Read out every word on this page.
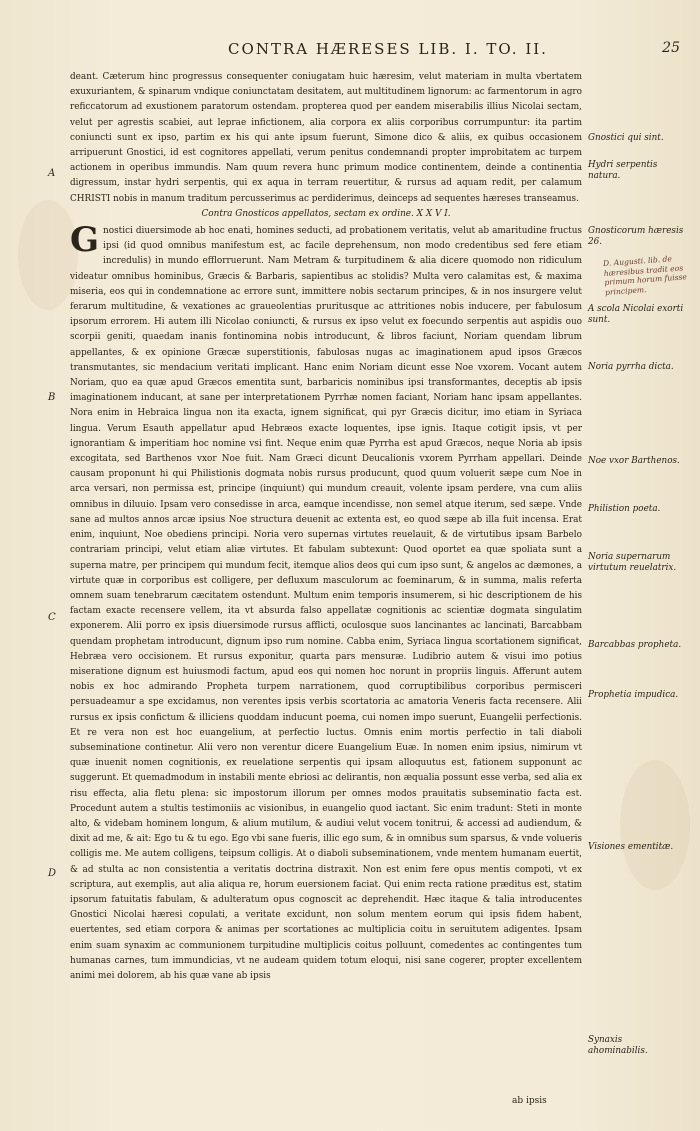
CONTRA HÆRESES LIB. I. TO. II.	25

deant. Cæterum hinc progressus consequenter coniugatam huic hæresim, velut materiam in multa vbertatem exuxuriantem, & spinarum vndique coniunctatam desitatem, aut multitudinem lignorum: ac farmentorum in agro reficcatorum ad exustionem paratorum ostendam. propterea quod per eandem miserabilis illius Nicolai sectam, velut per agrestis scabiei, aut leprae infictionem, alia corpora ex aliis corporibus corrumpuntur: ita partim coniuncti sunt ex ipso, partim ex his qui ante ipsum fuerunt, Simone dico & aliis, ex quibus occasionem arripuerunt Gnostici, id est cognitores appellati, verum penitus condemnandi propter improbitatem ac turpem actionem in operibus immundis. Nam quum revera hunc primum modice continentem, deinde a continentia digressum, instar hydri serpentis, qui ex aqua in terram reuertitur, & rursus ad aquam redit, per calamum CHRISTI nobis in manum traditum percusserimus ac perdiderimus, deinceps ad sequentes hæreses transeamus.

Contra Gnosticos appellatos, sectam ex ordine. X X V I.

Gnostici diuersimode ab hoc enati, homines seducti, ad probationem veritatis, velut ab amaritudine fructus ipsi (id quod omnibus manifestum est, ac facile deprehensum, non modo credentibus sed fere etiam incredulis) in mundo efflorruerunt. Nam Metram & turpitudinem & alia dicere quomodo non ridiculum videatur omnibus hominibus, Græcis & Barbaris, sapientibus ac stolidis? Multa vero calamitas est, & maxima miseria, eos qui in condemnatione ac errore sunt, immittere nobis sectarum principes, & in nos insurgere velut ferarum multitudine, & vexationes ac graueolentias pruritusque ac attritiones nobis inducere, per fabulosum ipsorum errorem. Hi autem illi Nicolao coniuncti, & rursus ex ipso velut ex foecundo serpentis aut aspidis ouo scorpii geniti, quaedam inanis fontinomina nobis introducunt, & libros faciunt, Noriam quendam librum appellantes, & ex opinione Græcæ superstitionis, fabulosas nugas ac imaginationem apud ipsos Græcos transmutantes, sic mendacium veritati implicant. Hanc enim Noriam dicunt esse Noe vxorem. Vocant autem Noriam, quo ea quæ apud Græcos ementita sunt, barbaricis nominibus ipsi transformantes, deceptis ab ipsis imaginationem inducant, at sane per interpretationem Pyrrhæ nomen faciant, Noriam hanc ipsam appellantes. Nora enim in Hebraica lingua non ita exacta, ignem significat, qui pyr Græcis dicitur, imo etiam in Syriaca lingua. Verum Esauth appellatur apud Hebræos exacte loquentes, ipse ignis. Itaque cotigit ipsis, vt per ignorantiam & imperitiam hoc nomine vsi fint. Neque enim quæ Pyrrha est apud Græcos, neque Noria ab ipsis excogitata, sed Barthenos vxor Noe fuit. Nam Græci dicunt Deucalionis vxorem Pyrrham appellari. Deinde causam proponunt hi qui Philistionis dogmata nobis rursus producunt, quod quum voluerit sæpe cum Noe in arca versari, non permissa est, principe (inquiunt) qui mundum creauit, volente ipsam perdere, vna cum aliis omnibus in diluuio. Ipsam vero consedisse in arca, eamque incendisse, non semel atque iterum, sed sæpe. Vnde sane ad multos annos arcæ ipsius Noe structura deuenit ac extenta est, eo quod sæpe ab illa fuit incensa. Erat enim, inquiunt, Noe obediens principi. Noria vero supernas virtutes reuelauit, & de virtutibus ipsam Barbelo contrariam principi, velut etiam aliæ virtutes. Et fabulam subtexunt: Quod oportet ea quæ spoliata sunt a superna matre, per principem qui mundum fecit, itemque alios deos qui cum ipso sunt, & angelos ac dæmones, a virtute quæ in corporibus est colligere, per defluxum masculorum ac foeminarum, & in summa, malis referta omnem suam tenebrarum cæcitatem ostendunt. Multum enim temporis insumerem, si hic descriptionem de his factam exacte recensere vellem, ita vt absurda falso appellatæ cognitionis ac scientiæ dogmata singulatim exponerem. Alii porro ex ipsis diuersimode rursus afflicti, oculosque suos lancinantes ac lancinati, Barcabbam quendam prophetam introducunt, dignum ipso rum nomine. Cabba enim, Syriaca lingua scortationem significat, Hebræa vero occisionem. Et rursus exponitur, quarta pars mensuræ. Ludibrio autem & visui imo potius miseratione dignum est huiusmodi factum, apud eos qui nomen hoc norunt in propriis linguis. Afferunt autem nobis ex hoc admirando Propheta turpem narrationem, quod corruptibilibus corporibus permisceri persuadeamur a spe excidamus, non verentes ipsis verbis scortatoria ac amatoria Veneris facta recensere. Alii rursus ex ipsis confictum & illiciens quoddam inducunt poema, cui nomen impo suerunt, Euangelii perfectionis. Et re vera non est hoc euangelium, at perfectio luctus. Omnis enim mortis perfectio in tali diaboli subseminatione continetur. Alii vero non verentur dicere Euangelium Euæ. In nomen enim ipsius, nimirum vt quæ inuenit nomen cognitionis, ex reuelatione serpentis qui ipsam alloquutus est, fationem supponunt ac suggerunt. Et quemadmodum in instabili mente ebriosi ac delirantis, non æqualia possunt esse verba, sed alia ex risu effecta, alia fletu plena: sic impostorum illorum per omnes modos prauitatis subseminatio facta est. Procedunt autem a stultis testimoniis ac visionibus, in euangelio quod iactant. Sic enim tradunt: Steti in monte alto, & videbam hominem longum, & alium mutilum, & audiui velut vocem tonitrui, & accessi ad audiendum, & dixit ad me, & ait: Ego tu & tu ego. Ego vbi sane fueris, illic ego sum, & in omnibus sum sparsus, & vnde volueris colligis me. Me autem colligens, teipsum colligis. At o diaboli subseminationem, vnde mentem humanam euertit, & ad stulta ac non consistentia a veritatis doctrina distraxit. Non est enim fere opus mentis compoti, vt ex scriptura, aut exemplis, aut alia aliqua re, horum euersionem faciat. Qui enim recta ratione præditus est, statim ipsorum fatuitatis fabulam, & adulteratum opus cognoscit ac deprehendit. Hæc itaque & talia introducentes Gnostici Nicolai hæresi copulati, a veritate excidunt, non solum mentem eorum qui ipsis fidem habent, euertentes, sed etiam corpora & animas per scortationes ac multiplicia coitu in seruitutem adigentes. Ipsam enim suam synaxim ac communionem turpitudine multiplicis coitus polluunt, comedentes ac contingentes tum humanas carnes, tum immundicias, vt ne audeam quidem totum eloqui, nisi sane cogerer, propter excellentem animi mei dolorem, ab his quæ vane ab ipsis

ab ipsis
Gnostici qui sint.
Hydri serpentis natura.
Gnosticorum hæresis 26.
A scola Nicolai exorti sunt.
Noria pyrrha dicta.
Noe vxor Barthenos.
Philistion poeta.
Noria supernarum virtutum reuelatrix.
Barcabbas propheta.
Prophetia impudica.
Visiones ementitæ.
Synaxis ahominabilis.
D. Augusti. lib. de hæresibus tradit eos primum horum fuisse principem.
A
B
C
D
